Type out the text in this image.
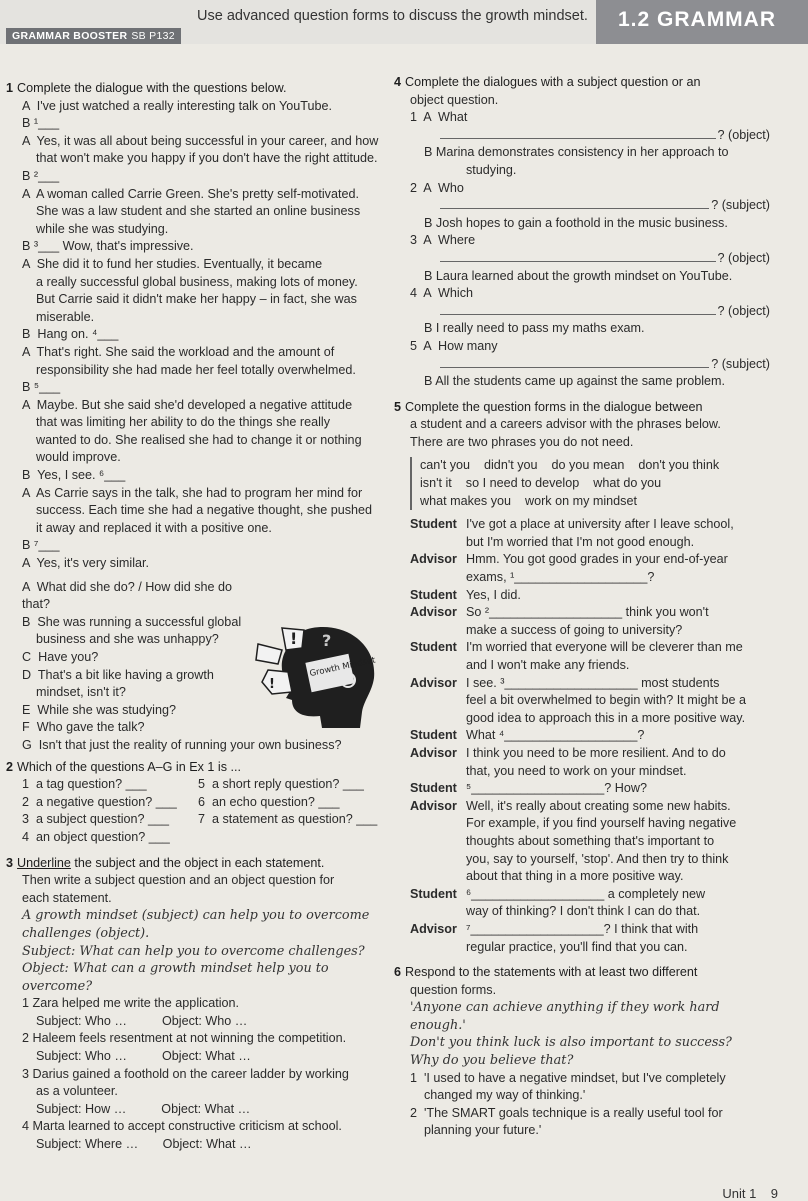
Use advanced question forms to discuss the growth mindset.	1.2 GRAMMAR
GRAMMAR BOOSTER SB P132

1 Complete the dialogue with the questions below.

A  I've just watched a really interesting talk on YouTube.

B ¹___

A  Yes, it was all about being successful in your career, and how

that won't make you happy if you don't have the right attitude.

B ²___

A  A woman called Carrie Green. She's pretty self-motivated.

She was a law student and she started an online business

while she was studying.

B ³___ Wow, that's impressive.

A  She did it to fund her studies. Eventually, it became

a really successful global business, making lots of money.

But Carrie said it didn't make her happy – in fact, she was

miserable.

B  Hang on. ⁴___

A  That's right. She said the workload and the amount of

responsibility she had made her feel totally overwhelmed.

B ⁵___

A  Maybe. But she said she'd developed a negative attitude

that was limiting her ability to do the things she really

wanted to do. She realised she had to change it or nothing

would improve.

B  Yes, I see. ⁶___

A  As Carrie says in the talk, she had to program her mind for

success. Each time she had a negative thought, she pushed

it away and replaced it with a positive one.

B ⁷___

A  Yes, it's very similar.

A  What did she do? / How did she do that?

B  She was running a successful global

business and she was unhappy?

C  Have you?

D  That's a bit like having a growth

mindset, isn't it?

E  While she was studying?

F  Who gave the talk?

G  Isn't that just the reality of running your own business?

2 Which of the questions A–G in Ex 1 is ...

1  a tag question? ___	5  a short reply question? ___
2  a negative question? ___	6  an echo question? ___
3  a subject question? ___	7  a statement as question? ___
4  an object question? ___

3 Underline the subject and the object in each statement.

Then write a subject question and an object question for

each statement.

A growth mindset (subject) can help you to overcome

challenges (object).

Subject: What can help you to overcome challenges?

Object: What can a growth mindset help you to overcome?

1 Zara helped me write the application.

Subject: Who …          Object: Who …

2 Haleem feels resentment at not winning the competition.

Subject: Who …          Object: What …

3 Darius gained a foothold on the career ladder by working

as a volunteer.

Subject: How …          Object: What …

4 Marta learned to accept constructive criticism at school.

Subject: Where …       Object: What …

! ?
Growth Mindset
!

4 Complete the dialogues with a subject question or an

object question.

1  A  What

? (object)

B Marina demonstrates consistency in her approach to

studying.

2  A  Who

? (subject)

B Josh hopes to gain a foothold in the music business.

3  A  Where

? (object)

B Laura learned about the growth mindset on YouTube.

4  A  Which

? (object)

B I really need to pass my maths exam.

5  A  How many

? (subject)

B All the students came up against the same problem.

5 Complete the question forms in the dialogue between

a student and a careers advisor with the phrases below.

There are two phrases you do not need.

can't you    didn't you    do you mean    don't you think

isn't it    so I need to develop    what do you

what makes you    work on my mindset

Student I've got a place at university after I leave school,
but I'm worried that I'm not good enough.
Advisor Hmm. You got good grades in your end-of-year
exams, ¹___________________?
Student Yes, I did.
Advisor So ²___________________ think you won't
make a success of going to university?
Student I'm worried that everyone will be cleverer than me
and I won't make any friends.
Advisor I see. ³___________________ most students
feel a bit overwhelmed to begin with? It might be a
good idea to approach this in a more positive way.
Student What ⁴___________________?
Advisor I think you need to be more resilient. And to do
that, you need to work on your mindset.
Student ⁵___________________? How?
Advisor Well, it's really about creating some new habits.
For example, if you find yourself having negative
thoughts about something that's important to
you, say to yourself, 'stop'. And then try to think
about that thing in a more positive way.
Student ⁶___________________ a completely new
way of thinking? I don't think I can do that.
Advisor ⁷___________________? I think that with
regular practice, you'll find that you can.

6 Respond to the statements with at least two different

question forms.

'Anyone can achieve anything if they work hard enough.'

Don't you think luck is also important to success?

Why do you believe that?

1  'I used to have a negative mindset, but I've completely

changed my way of thinking.'

2  'The SMART goals technique is a really useful tool for

planning your future.'

Unit 1    9
